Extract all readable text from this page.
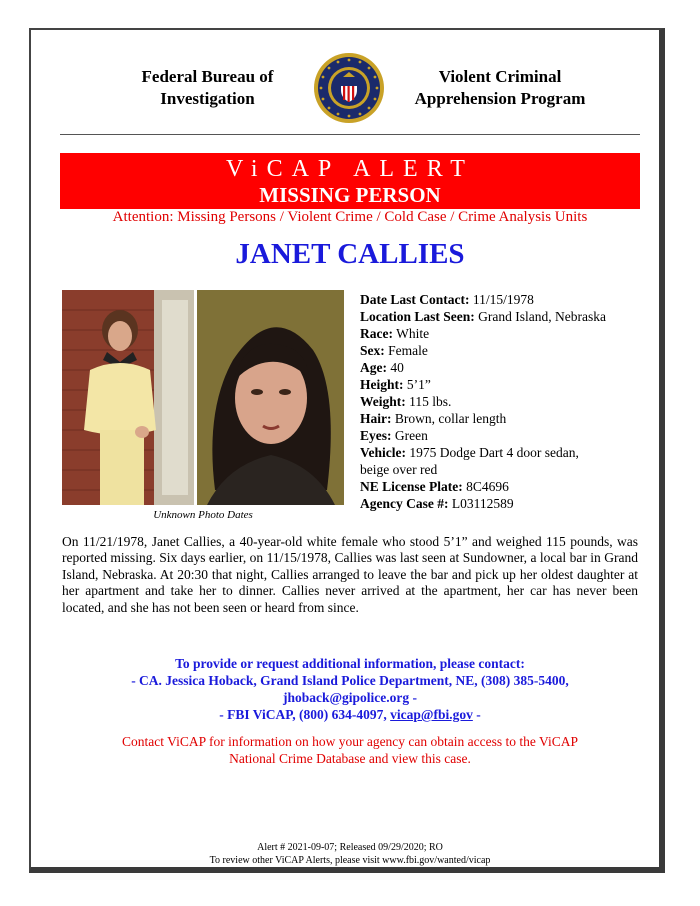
Federal Bureau of
Investigation
Violent Criminal
Apprehension Program
ViCAP ALERT
MISSING PERSON
Attention: Missing Persons / Violent Crime / Cold Case / Crime Analysis Units
JANET CALLIES
Unknown Photo Dates

Date Last Contact: 11/15/1978

Location Last Seen: Grand Island, Nebraska

Race: White

Sex: Female

Age: 40

Height: 5’1”

Weight: 115 lbs.

Hair: Brown, collar length

Eyes: Green

Vehicle: 1975 Dodge Dart 4 door sedan,
beige over red

NE License Plate: 8C4696

Agency Case #: L03112589

On 11/21/1978, Janet Callies, a 40-year-old white female who stood 5’1” and weighed 115 pounds, was reported missing. Six days earlier, on 11/15/1978, Callies was last seen at Sundowner, a local bar in Grand Island, Nebraska. At 20:30 that night, Callies arranged to leave the bar and pick up her oldest daughter at her apartment and take her to dinner. Callies never arrived at the apartment, her car has never been located, and she has not been seen or heard from since.
To provide or request additional information, please contact:
- CA. Jessica Hoback, Grand Island Police Department, NE, (308) 385-5400,
jhoback@gipolice.org -
- FBI ViCAP, (800) 634-4097, vicap@fbi.gov -
Contact ViCAP for information on how your agency can obtain access to the ViCAP
National Crime Database and view this case.
Alert # 2021-09-07; Released 09/29/2020; RO
To review other ViCAP Alerts, please visit www.fbi.gov/wanted/vicap
